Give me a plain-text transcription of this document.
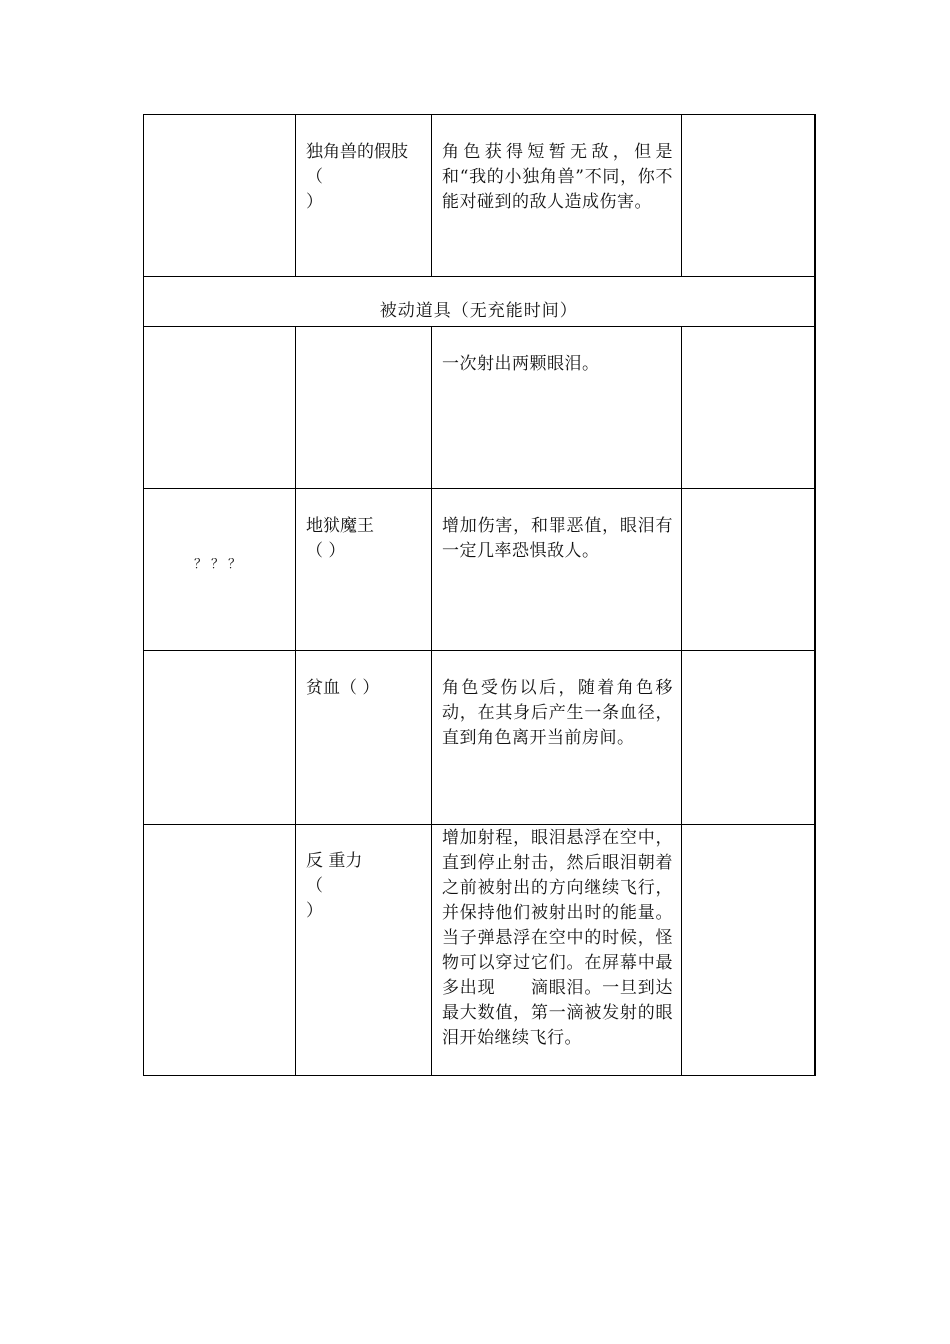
	独角兽的假肢
（
）	角色获得短暂无敌，但是和“我的小独角兽”不同，你不能对碰到的敌人造成伤害。	

被动道具（无充能时间）			

		一次射出两颗眼泪。	

？？？	地狱魔王
（ ）	增加伤害，和罪恶值，眼泪有一定几率恐惧敌人。	

	贫血（ ）	角色受伤以后，随着角色移动，在其身后产生一条血径，直到角色离开当前房间。	

	反 重力
（
）	增加射程，眼泪悬浮在空中，直到停止射击，然后眼泪朝着之前被射出的方向继续飞行，并保持他们被射出时的能量。当子弹悬浮在空中的时候，怪物可以穿过它们。在屏幕中最多出现　　滴眼泪。一旦到达最大数值，第一滴被发射的眼泪开始继续飞行。	
